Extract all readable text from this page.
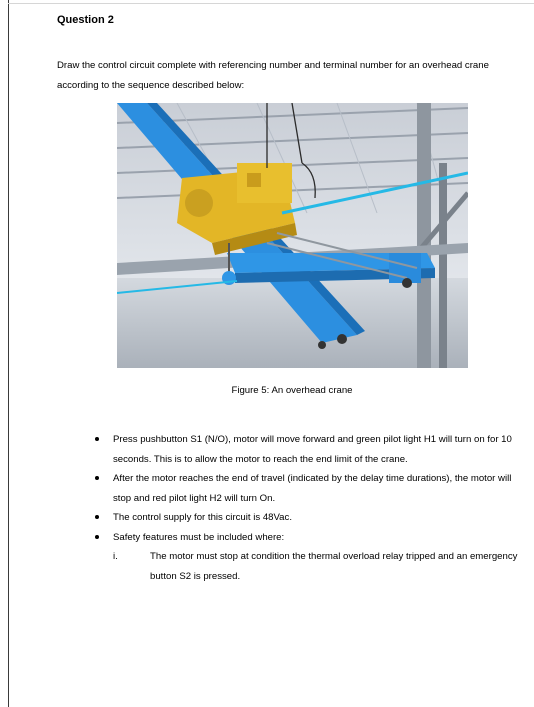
Question 2
Draw the control circuit complete with referencing number and terminal number for an overhead crane according to the sequence described below:
Figure 5: An overhead crane
Press pushbutton S1 (N/O), motor will move forward and green pilot light H1 will turn on for 10 seconds. This is to allow the motor to reach the end limit of the crane.
After the motor reaches the end of travel (indicated by the delay time durations), the motor will stop and red pilot light H2 will turn On.
The control supply for this circuit is 48Vac.
Safety features must be included where:
i.	The motor must stop at condition the thermal overload relay tripped and an emergency button S2 is pressed.
